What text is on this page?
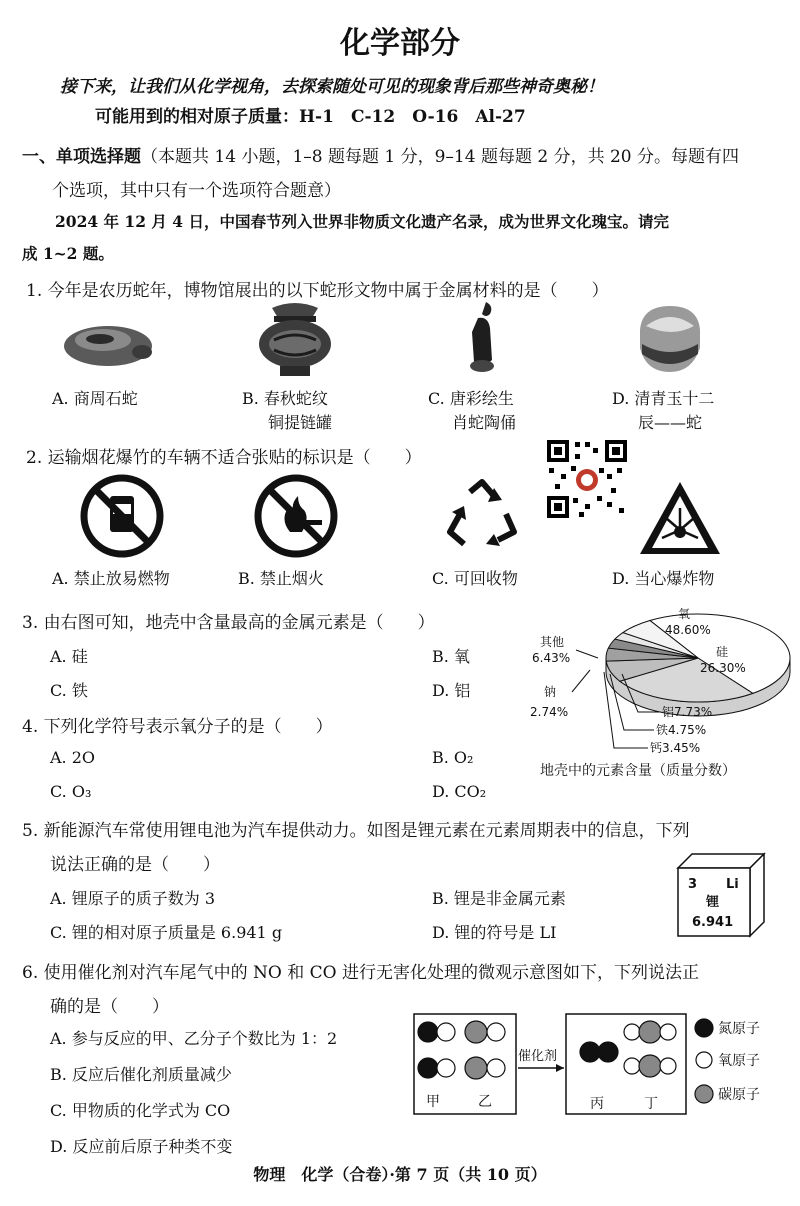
化学部分
接下来，让我们从化学视角，去探索随处可见的现象背后那些神奇奥秘！
可能用到的相对原子质量：H-1　C-12　O-16　Al-27
一、单项选择题（本题共 14 小题，1–8 题每题 1 分，9–14 题每题 2 分，共 20 分。每题有四
个选项，其中只有一个选项符合题意）
2024 年 12 月 4 日，中国春节列入世界非物质文化遗产名录，成为世界文化瑰宝。请完
成 1~2 题。
1. 今年是农历蛇年，博物馆展出的以下蛇形文物中属于金属材料的是（　　）
A. 商周石蛇	B. 春秋蛇纹
铜提链罐
C. 唐彩绘生
肖蛇陶俑
D. 清青玉十二
辰——蛇
2. 运输烟花爆竹的车辆不适合张贴的标识是（　　）
A. 禁止放易燃物	B. 禁止烟火	C. 可回收物	D. 当心爆炸物
3. 由右图可知，地壳中含量最高的金属元素是（　　）
A. 硅	B. 氧
C. 铁	D. 铝
氧
48.60%
硅
26.30%
其他
6.43%
钠
2.74%	铝7.73%
铁4.75%
钙3.45%
地壳中的元素含量（质量分数）
4. 下列化学符号表示氧分子的是（　　）
A. 2O	B. O₂
C. O₃	D. CO₂
5. 新能源汽车常使用锂电池为汽车提供动力。如图是锂元素在元素周期表中的信息，下列
说法正确的是（　　）
A. 锂原子的质子数为 3	B. 锂是非金属元素
C. 锂的相对原子质量是 6.941 g	D. 锂的符号是 LI
3 Li
锂
6.941
6. 使用催化剂对汽车尾气中的 NO 和 CO 进行无害化处理的微观示意图如下，下列说法正
确的是（　　）
A. 参与反应的甲、乙分子个数比为 1：2
B. 反应后催化剂质量减少
C. 甲物质的化学式为 CO
D. 反应前后原子种类不变
催化剂
甲	乙	丙	丁
氮原子
氧原子
碳原子
物理　化学（合卷）·第 7 页（共 10 页）
